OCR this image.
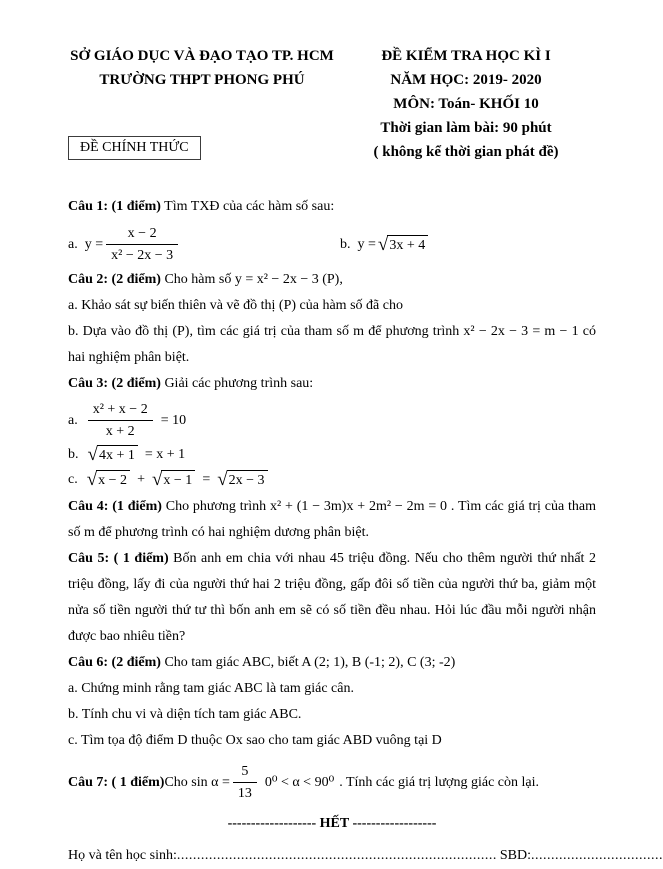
SỞ GIÁO DỤC VÀ ĐẠO TẠO TP. HCM
TRƯỜNG THPT PHONG PHÚ
ĐỀ CHÍNH THỨC
ĐỀ KIỂM TRA HỌC KÌ I
NĂM HỌC: 2019- 2020
MÔN: Toán- KHỐI 10
Thời gian làm bài: 90 phút
( không kể thời gian phát đề)

Câu 1: (1 điểm) Tìm TXĐ của các hàm số sau:

a. $y = \frac{x - 2}{\text{x² − 2x − 3}}$	b. y = √ 3x + 4

Câu 2: (2 điểm) Cho hàm số y = x² − 2x − 3 (P),

a. Khảo sát sự biến thiên và vẽ đồ thị (P) của hàm số đã cho

b. Dựa vào đồ thị (P), tìm các giá trị của tham số m để phương trình x² − 2x − 3 = m − 1 có hai nghiệm phân biệt.

Câu 3: (2 điểm) Giải các phương trình sau:

a. $\frac{\text{x² + x − 2}}{x + 2} = 10$
b. √ 4x + 1 = x + 1
c. √ x − 2 + √ x − 1 = √ 2x − 3

Câu 4: (1 điểm) Cho phương trình x² + (1 − 3m)x + 2m² − 2m = 0 . Tìm các giá trị của tham số m để phương trình có hai nghiệm dương phân biệt.

Câu 5: ( 1 điểm) Bốn anh em chia với nhau 45 triệu đồng. Nếu cho thêm người thứ nhất 2 triệu đồng, lấy đi của người thứ hai 2 triệu đồng, gấp đôi số tiền của người thứ ba, giảm một nửa số tiền người thứ tư thì bốn anh em sẽ có số tiền đều nhau. Hỏi lúc đầu mỗi người nhận được bao nhiêu tiền?

Câu 6: (2 điểm) Cho tam giác ABC, biết A (2; 1), B (-1; 2), C (3; -2)

a. Chứng minh rằng tam giác ABC là tam giác cân.

b. Tính chu vi và diện tích tam giác ABC.

c. Tìm tọa độ điểm D thuộc Ox sao cho tam giác ABD vuông tại D

Câu 7: ( 1 điểm) Cho $\sin \alpha = \frac{5}{13} 0^0 < \alpha < 90^0$ . Tính các giá trị lượng giác còn lại.
------------------- HẾT ------------------
Họ và tên học sinh: ............................................................................... . SBD: .................................
